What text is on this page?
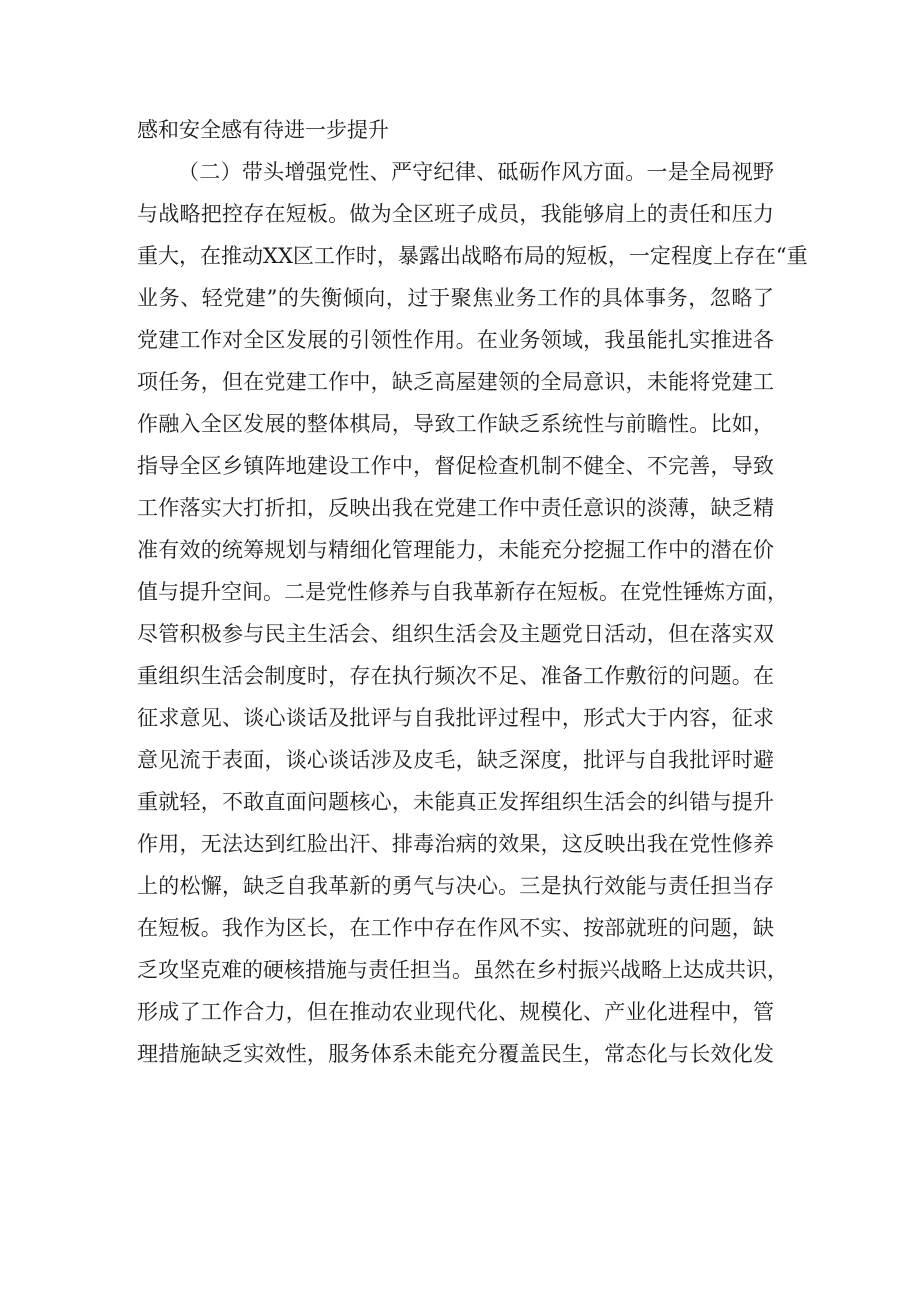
感和安全感有待进一步提升
（二）带头增强党性、严守纪律、砥砺作风方面。一是全局视野
与战略把控存在短板。做为全区班子成员，我能够肩上的责任和压力
重大，在推动XX区工作时，暴露出战略布局的短板，一定程度上存在“重
业务、轻党建”的失衡倾向，过于聚焦业务工作的具体事务，忽略了
党建工作对全区发展的引领性作用。在业务领域，我虽能扎实推进各
项任务，但在党建工作中，缺乏高屋建领的全局意识，未能将党建工
作融入全区发展的整体棋局，导致工作缺乏系统性与前瞻性。比如，
指导全区乡镇阵地建设工作中，督促检查机制不健全、不完善，导致
工作落实大打折扣，反映出我在党建工作中责任意识的淡薄，缺乏精
准有效的统筹规划与精细化管理能力，未能充分挖掘工作中的潜在价
值与提升空间。二是党性修养与自我革新存在短板。在党性锤炼方面，
尽管积极参与民主生活会、组织生活会及主题党日活动，但在落实双
重组织生活会制度时，存在执行频次不足、准备工作敷衍的问题。在
征求意见、谈心谈话及批评与自我批评过程中，形式大于内容，征求
意见流于表面，谈心谈话涉及皮毛，缺乏深度，批评与自我批评时避
重就轻，不敢直面问题核心，未能真正发挥组织生活会的纠错与提升
作用，无法达到红脸出汗、排毒治病的效果，这反映出我在党性修养
上的松懈，缺乏自我革新的勇气与决心。三是执行效能与责任担当存
在短板。我作为区长，在工作中存在作风不实、按部就班的问题，缺
乏攻坚克难的硬核措施与责任担当。虽然在乡村振兴战略上达成共识，
形成了工作合力，但在推动农业现代化、规模化、产业化进程中，管
理措施缺乏实效性，服务体系未能充分覆盖民生，常态化与长效化发
